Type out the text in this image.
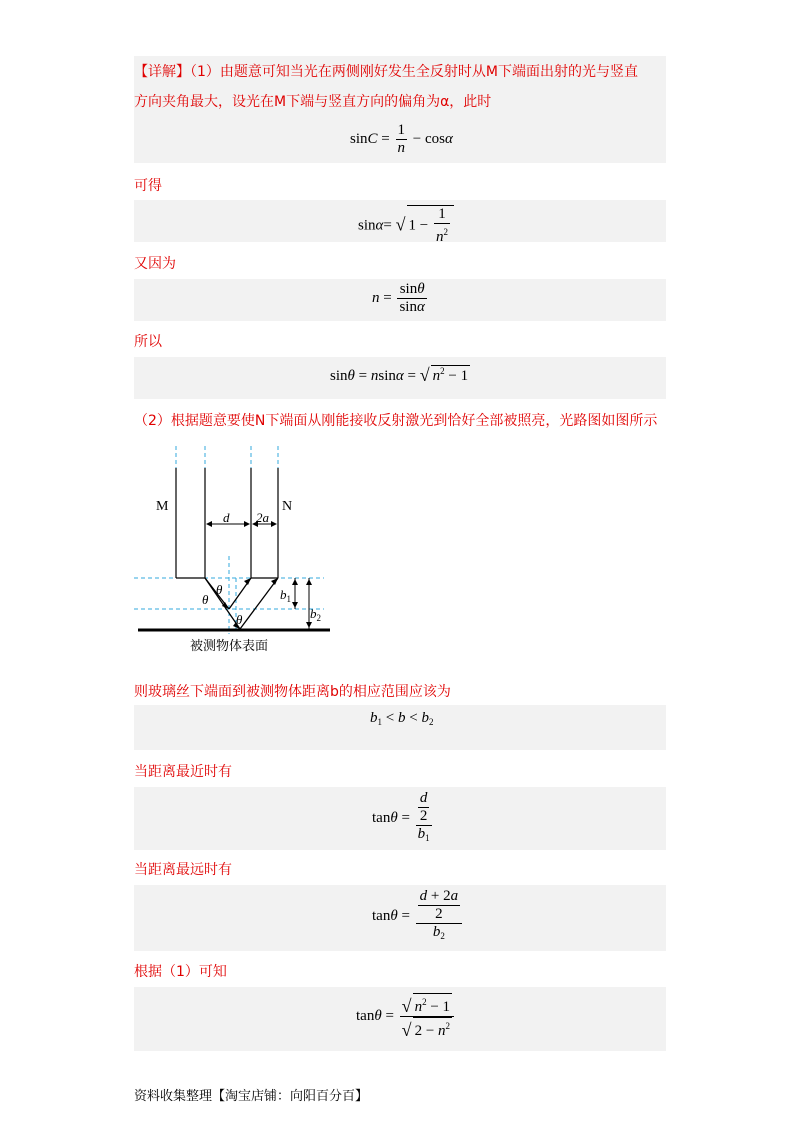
【详解】（1）由题意可知当光在两侧刚好发生全反射时从M下端面出射的光与竖直
方向夹角最大，设光在M下端与竖直方向的偏角为α，此时
$\sin C = \frac{1}{n} - \cos\alpha$
可得
sinα= √ $1 - \frac{1}{n^2}$
又因为
$n = \frac{\sin\theta}{\sin\alpha}$
所以
sinθ = nsinα = √ $n^2 - 1$
（2）根据题意要使N下端面从刚能接收反射激光到恰好全部被照亮，光路图如图所示
M	N
d 2a
$b_1$
$b_2$
θ
θ
θ
被测物体表面
则玻璃丝下端面到被测物体距离b的相应范围应该为
$b_1 < b < b_2$
当距离最近时有
$\tan\theta = \frac{\frac{d}{2}}{b_1}$
当距离最远时有
$\tan\theta = \frac{\frac{d + 2a}{2}}{b_2}$
根据（1）可知
$\tan\theta = \frac{√ n^2 - 1}{√ 2 - n^2}$
资料收集整理【淘宝店铺：向阳百分百】
